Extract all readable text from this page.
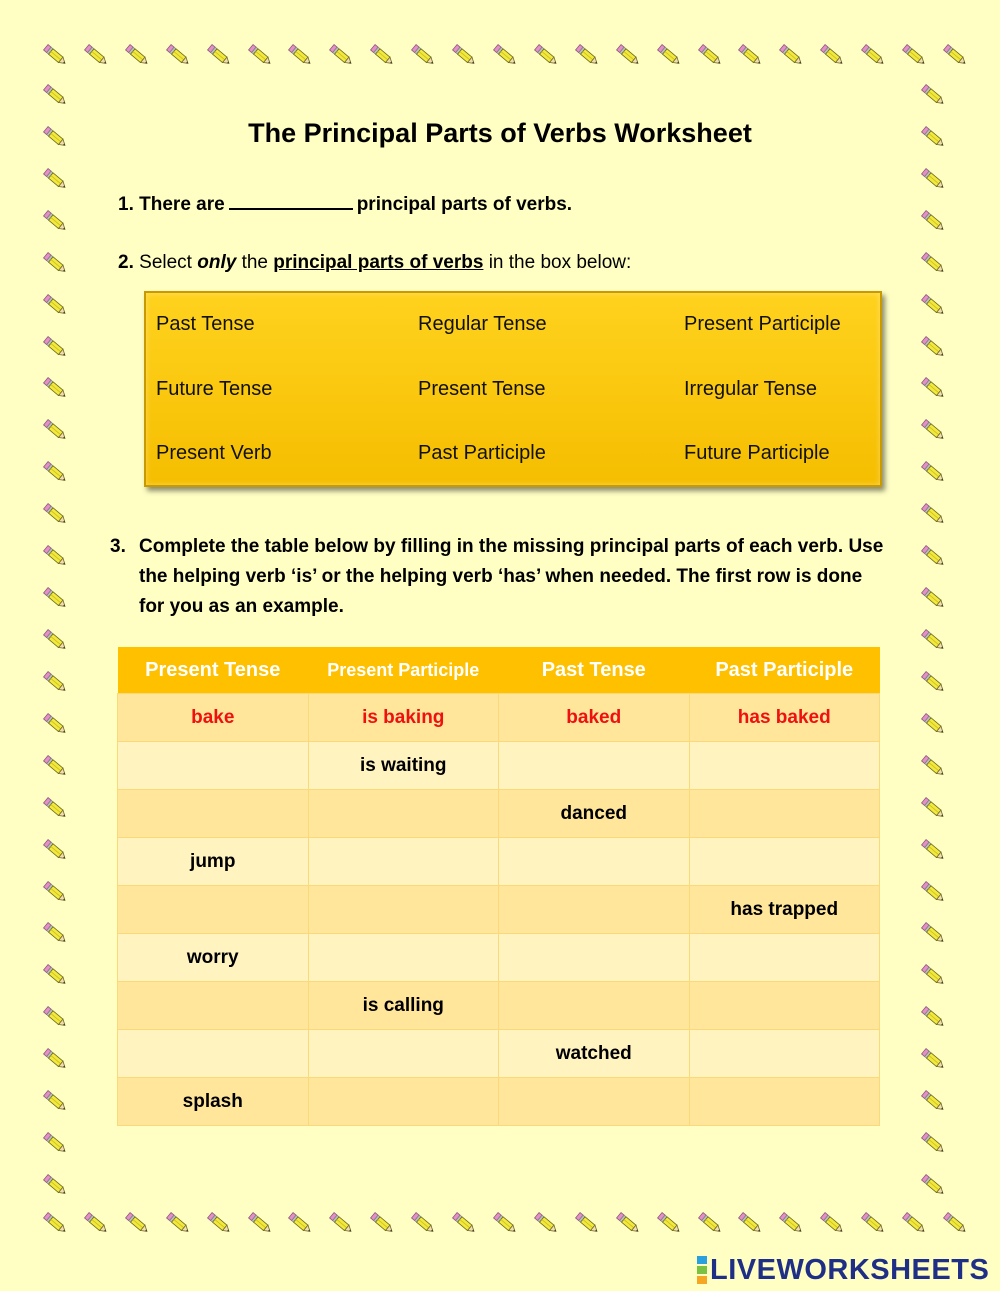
The Principal Parts of Verbs Worksheet
1. There are	principal parts of verbs.
2. Select only the principal parts of verbs in the box below:
Past Tense	Regular Tense	Present Participle
Future Tense	Present Tense	Irregular Tense
Present Verb	Past Participle	Future Participle
3. Complete the table below by filling in the missing principal parts of each verb. Use the helping verb ‘is’ or the helping verb ‘has’ when needed. The first row is done for you as an example.
Present Tense	Present Participle	Past Tense	Past Participle
bake	is baking	baked	has baked
	is waiting		
		danced	
jump			
			has trapped
worry			
	is calling		
		watched	
splash			
LIVEWORKSHEETS
